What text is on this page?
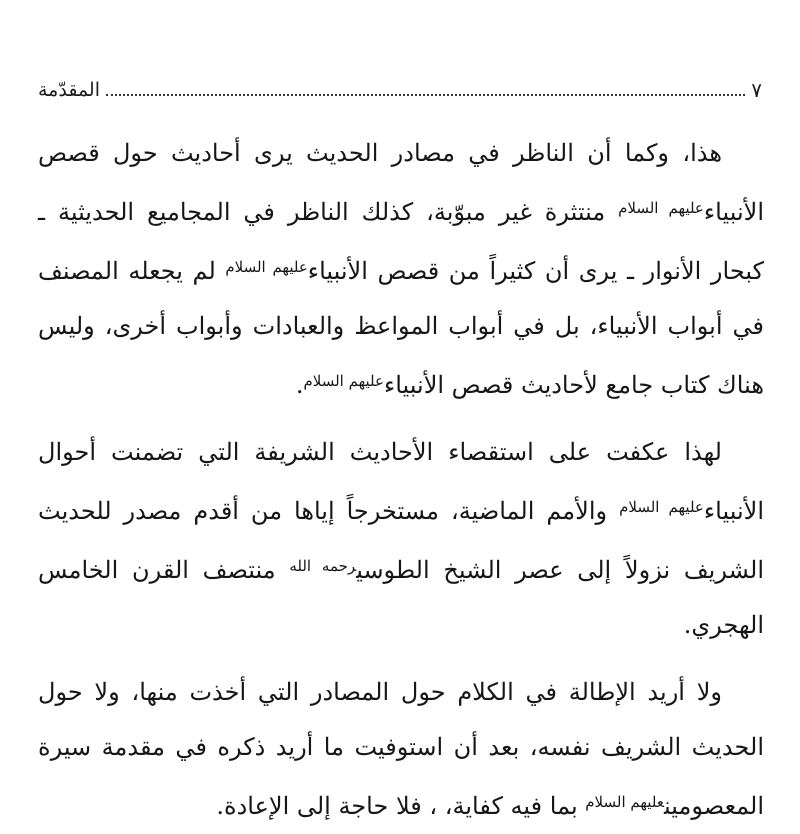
المقدّمة	٧

هذا، وكما أن الناظر في مصادر الحديث يرى أحاديث حول قصص الأنبياء$^{عليهم السلام}$ منتثرة غير مبوّبة، كذلك الناظر في المجاميع الحديثية ـ كبحار الأنوار ـ يرى أن كثيراً من قصص الأنبياء$^{عليهم السلام}$ لم يجعله المصنف في أبواب الأنبياء، بل في أبواب المواعظ والعبادات وأبواب أخرى، وليس هناك كتاب جامع لأحاديث قصص الأنبياء$^{عليهم السلام}$.

لهذا عكفت على استقصاء الأحاديث الشريفة التي تضمنت أحوال الأنبياء$^{عليهم السلام}$ والأمم الماضية، مستخرجاً إياها من أقدم مصدر للحديث الشريف نزولاً إلى عصر الشيخ الطوسي$^{رحمه الله}$ منتصف القرن الخامس الهجري.

ولا أريد الإطالة في الكلام حول المصادر التي أخذت منها، ولا حول الحديث الشريف نفسه، بعد أن استوفيت ما أريد ذكره في مقدمة سيرة المعصومين$^{عليهم السلام}$ بما فيه كفاية، ، فلا حاجة إلى الإعادة.
